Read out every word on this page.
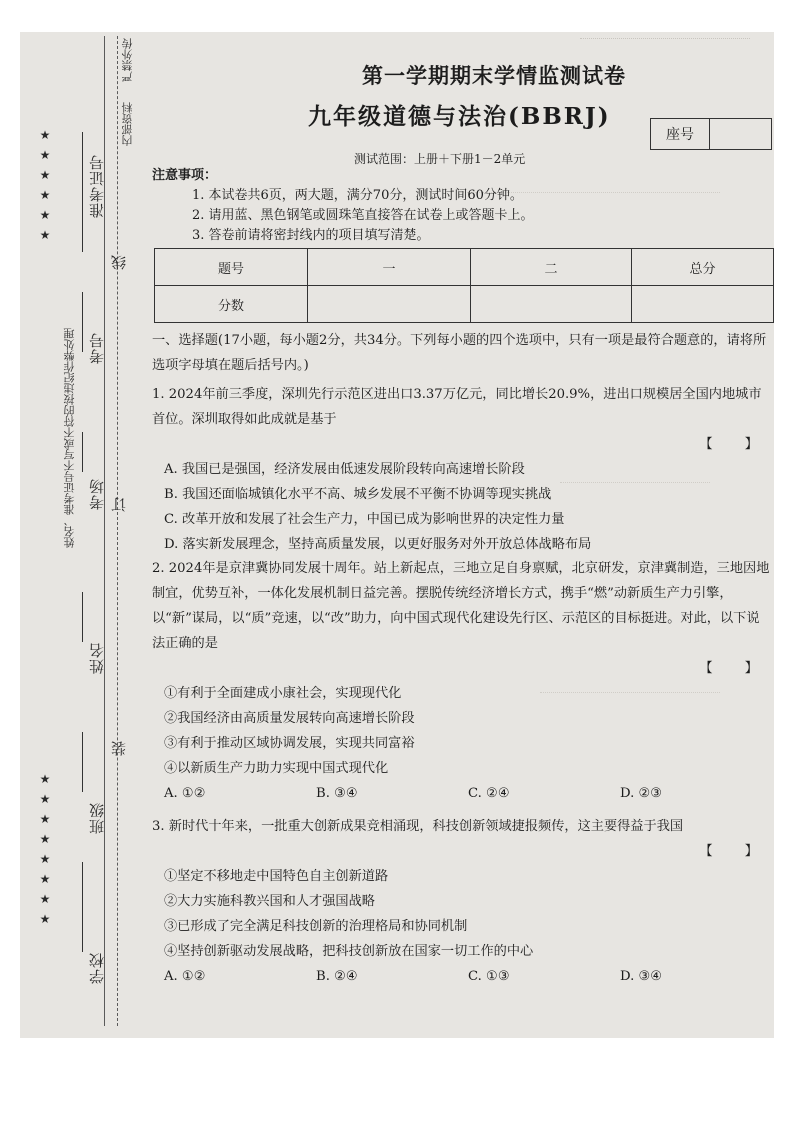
严禁外传
内部资料
★★★★★★
★★★★★★★★
姓名、准考证号不写或不符的按违纪作弊处理
准考证号
线
考号
考场 订
姓名
装
班级
学校
第一学期期末学情监测试卷
九年级道德与法治(BBRJ)
座号
测试范围：上册＋下册1－2单元
注意事项：
1. 本试卷共6页，两大题，满分70分，测试时间60分钟。
2. 请用蓝、黑色钢笔或圆珠笔直接答在试卷上或答题卡上。
3. 答卷前请将密封线内的项目填写清楚。
题号	一	二	总分
分数			

一、选择题(17小题，每小题2分，共34分。下列每小题的四个选项中，只有一项是最符合题意的，请将所选项字母填在题后括号内。)

1. 2024年前三季度，深圳先行示范区进出口3.37万亿元，同比增长20.9%，进出口规模居全国内地城市首位。深圳取得如此成就是基于

【 】

A. 我国已是强国，经济发展由低速发展阶段转向高速增长阶段

B. 我国还面临城镇化水平不高、城乡发展不平衡不协调等现实挑战

C. 改革开放和发展了社会生产力，中国已成为影响世界的决定性力量

D. 落实新发展理念，坚持高质量发展，以更好服务对外开放总体战略布局

2. 2024年是京津冀协同发展十周年。站上新起点，三地立足自身禀赋，北京研发，京津冀制造，三地因地制宜，优势互补，一体化发展机制日益完善。摆脱传统经济增长方式，携手“燃”动新质生产力引擎，以“新”谋局，以“质”竞速，以“改”助力，向中国式现代化建设先行区、示范区的目标挺进。对此，以下说法正确的是

【 】

①有利于全面建成小康社会，实现现代化

②我国经济由高质量发展转向高速增长阶段

③有利于推动区域协调发展，实现共同富裕

④以新质生产力助力实现中国式现代化

A. ①②	B. ③④	C. ②④	D. ②③

3. 新时代十年来，一批重大创新成果竞相涌现，科技创新领域捷报频传，这主要得益于我国

【 】

①坚定不移地走中国特色自主创新道路

②大力实施科教兴国和人才强国战略

③已形成了完全满足科技创新的治理格局和协同机制

④坚持创新驱动发展战略，把科技创新放在国家一切工作的中心

A. ①②	B. ②④	C. ①③	D. ③④
